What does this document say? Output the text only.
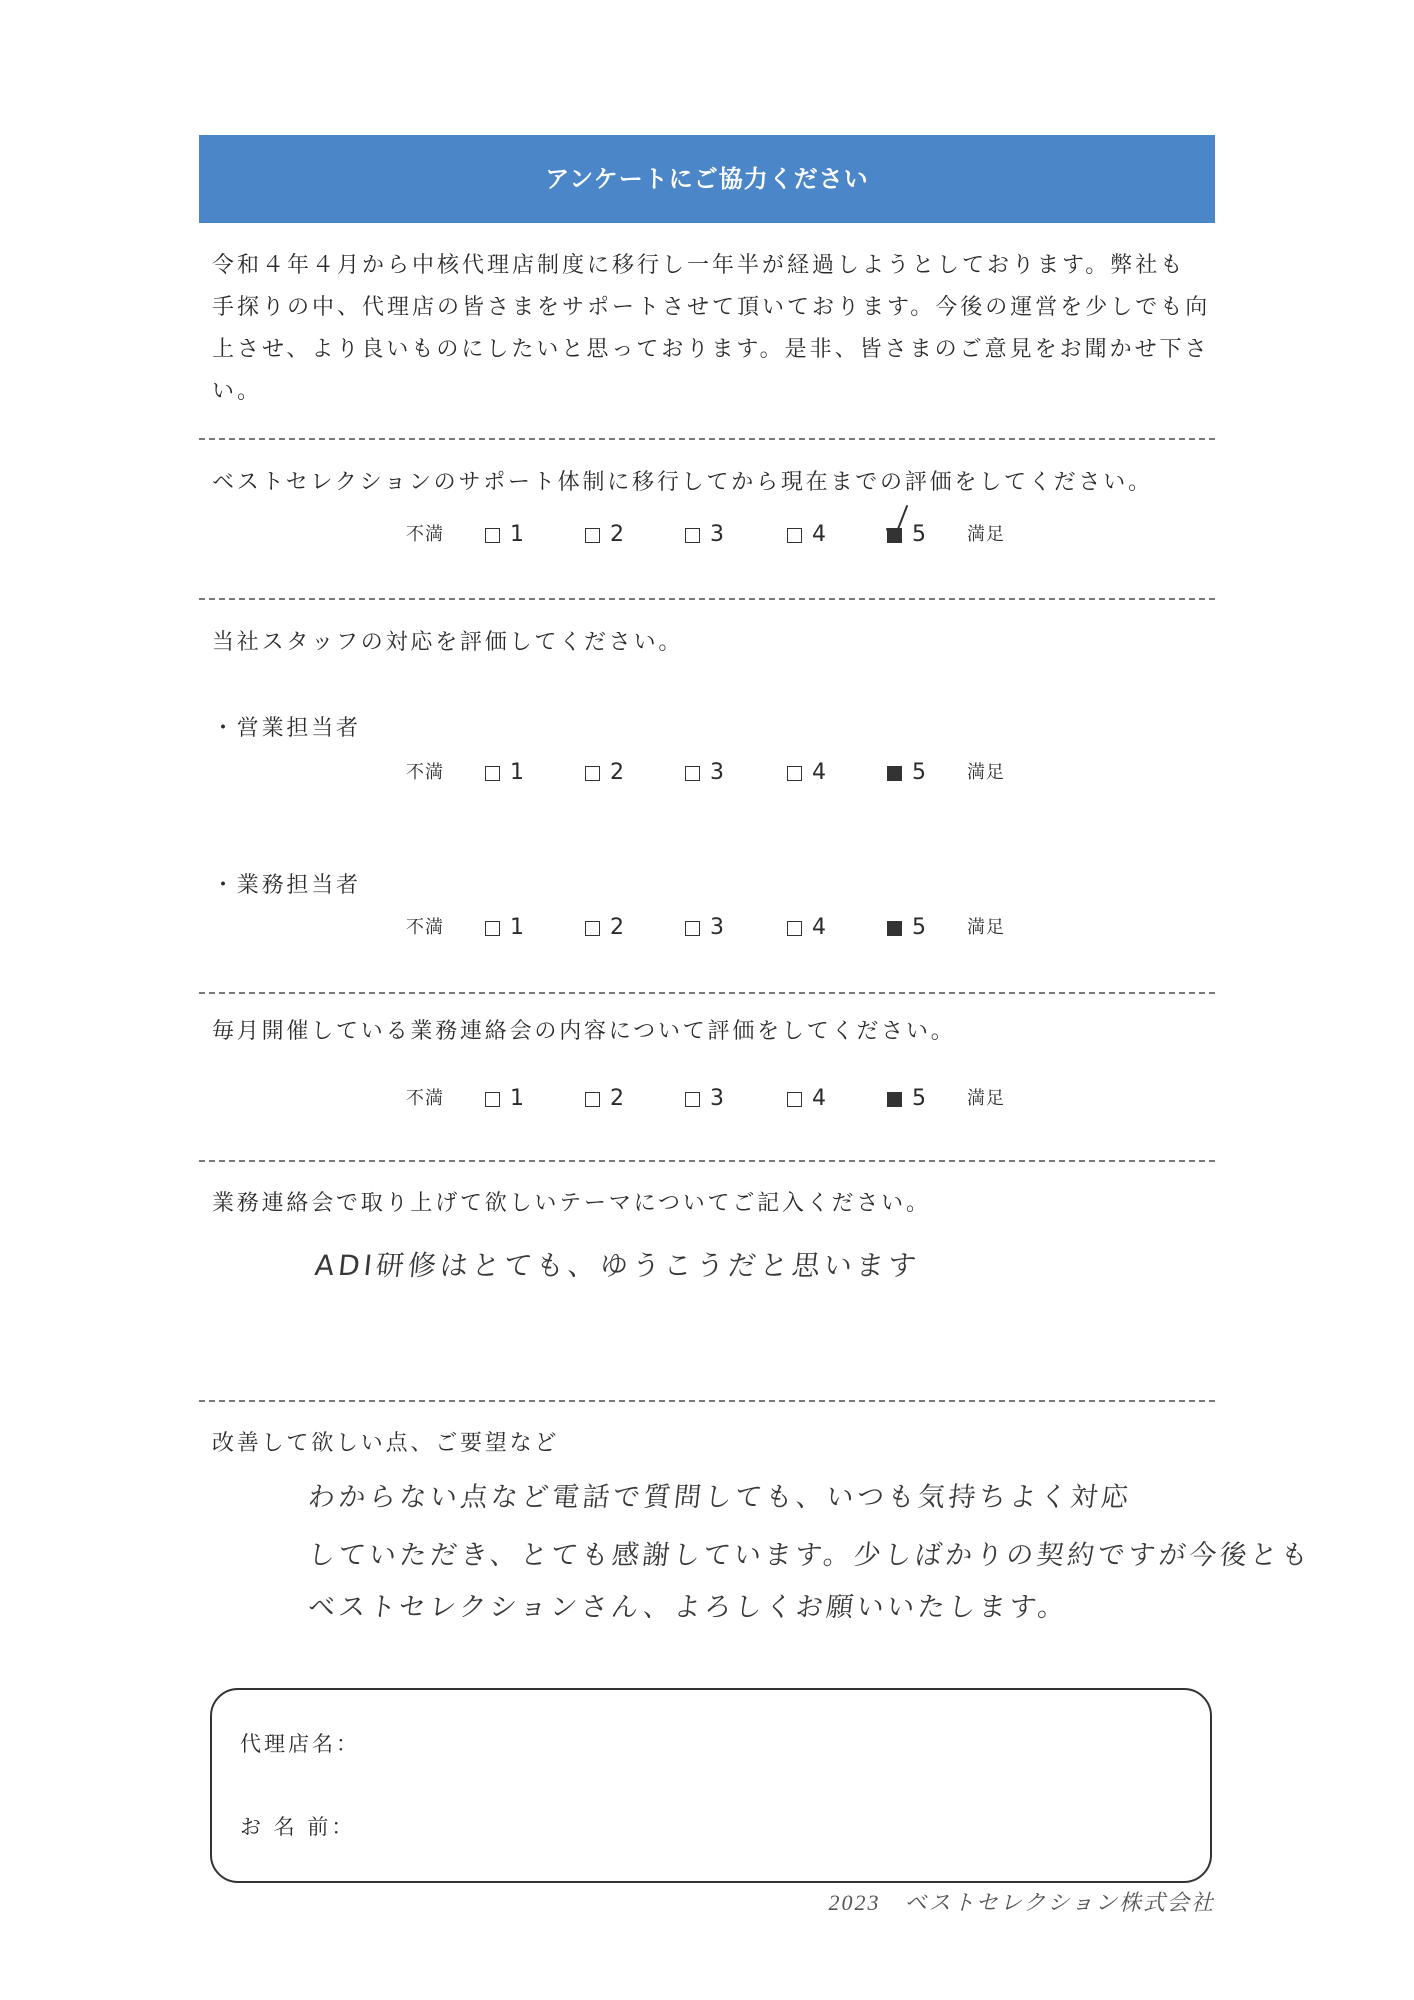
アンケートにご協力ください
令和４年４月から中核代理店制度に移行し一年半が経過しようとしております。弊社も
手探りの中、代理店の皆さまをサポートさせて頂いております。今後の運営を少しでも向
上させ、より良いものにしたいと思っております。是非、皆さまのご意見をお聞かせ下さ
い。
ベストセレクションのサポート体制に移行してから現在までの評価をしてください。
不満	1	2	3	4	5 満足
当社スタッフの対応を評価してください。
・営業担当者
不満	1	2	3	4	5 満足
・業務担当者
不満	1	2	3	4	5 満足
毎月開催している業務連絡会の内容について評価をしてください。
不満	1	2	3	4	5 満足
業務連絡会で取り上げて欲しいテーマについてご記入ください。
ADI研修はとても、ゆうこうだと思います
改善して欲しい点、ご要望など
わからない点など電話で質問しても、いつも気持ちよく対応
していただき、とても感謝しています。少しばかりの契約ですが今後とも
ベストセレクションさん、よろしくお願いいたします。
代理店名：
お 名 前：
2023　ベストセレクション株式会社
